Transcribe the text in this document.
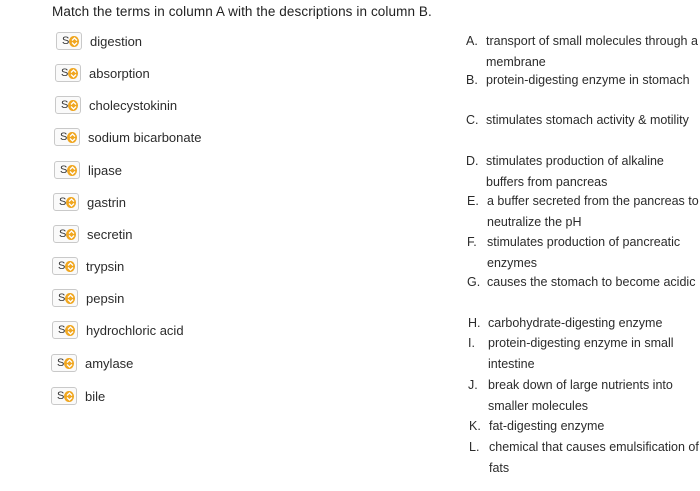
Match the terms in column A with the descriptions in column B.
S digestion
S absorption
S cholecystokinin
S sodium bicarbonate
S lipase
S gastrin
S secretin
S trypsin
S pepsin
S hydrochloric acid
S amylase
S bile
A. transport of small molecules through a membrane
B. protein-digesting enzyme in stomach
C. stimulates stomach activity & motility
D. stimulates production of alkaline buffers from pancreas
E. a buffer secreted from the pancreas to neutralize the pH
F. stimulates production of pancreatic enzymes
G. causes the stomach to become acidic
H. carbohydrate-digesting enzyme
I.	protein-digesting enzyme in small intestine
J. break down of large nutrients into smaller molecules
K. fat-digesting enzyme
L. chemical that causes emulsification of fats
